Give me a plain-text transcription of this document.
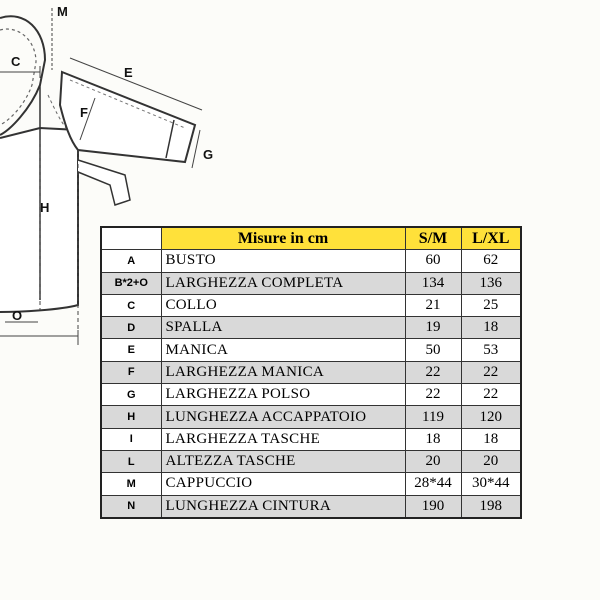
C
M
E
F
G
H
O
	Misure in cm	S/M	L/XL
A	BUSTO	60	62
B*2+O	LARGHEZZA COMPLETA	134	136
C	COLLO	21	25
D	SPALLA	19	18
E	MANICA	50	53
F	LARGHEZZA MANICA	22	22
G	LARGHEZZA POLSO	22	22
H	LUNGHEZZA ACCAPPATOIO	119	120
I	LARGHEZZA TASCHE	18	18
L	ALTEZZA TASCHE	20	20
M	CAPPUCCIO	28*44	30*44
N	LUNGHEZZA CINTURA	190	198
